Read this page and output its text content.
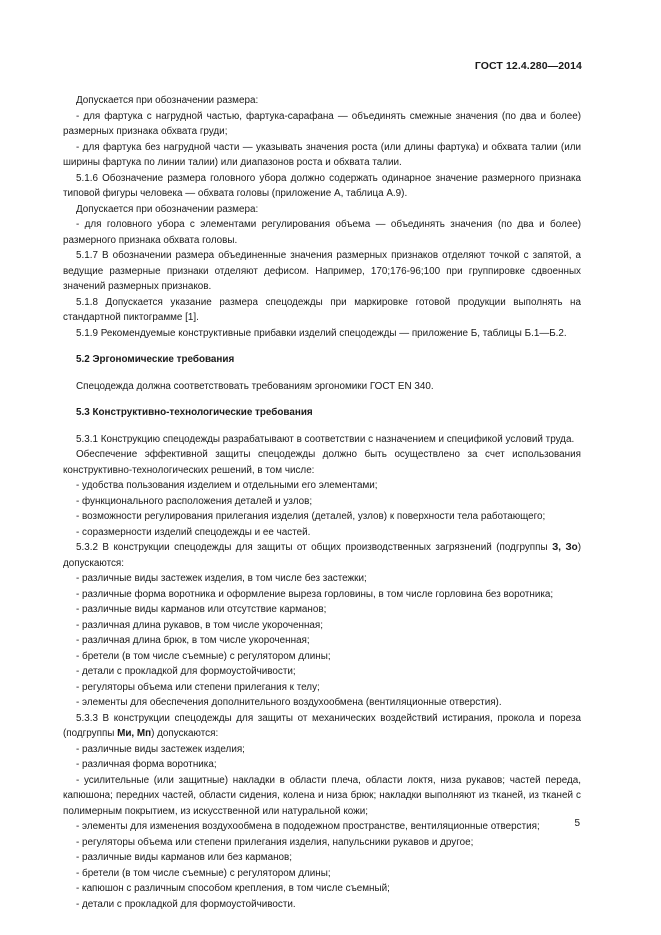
ГОСТ 12.4.280—2014

Допускается при обозначении размера:

- для фартука с нагрудной частью, фартука-сарафана — объединять смежные значения (по два и более) размерных признака обхвата груди;

- для фартука без нагрудной части — указывать значения роста (или длины фартука) и обхвата талии (или ширины фартука по линии талии) или диапазонов роста и обхвата талии.

5.1.6 Обозначение размера головного убора должно содержать одинарное значение размерного признака типовой фигуры человека — обхвата головы (приложение А, таблица А.9).

Допускается при обозначении размера:

- для головного убора с элементами регулирования объема — объединять значения (по два и более) размерного признака обхвата головы.

5.1.7 В обозначении размера объединенные значения размерных признаков отделяют точкой с запятой, а ведущие размерные признаки отделяют дефисом. Например, 170;176-96;100 при группировке сдвоенных значений размерных признаков.

5.1.8 Допускается указание размера спецодежды при маркировке готовой продукции выполнять на стандартной пиктограмме [1].

5.1.9 Рекомендуемые конструктивные прибавки изделий спецодежды — приложение Б, таблицы Б.1—Б.2.

5.2 Эргономические требования

Спецодежда должна соответствовать требованиям эргономики ГОСТ EN 340.

5.3 Конструктивно-технологические требования

5.3.1 Конструкцию спецодежды разрабатывают в соответствии с назначением и спецификой условий труда.

Обеспечение эффективной защиты спецодежды должно быть осуществлено за счет использования конструктивно-технологических решений, в том числе:

- удобства пользования изделием и отдельными его элементами;

- функционального расположения деталей и узлов;

- возможности регулирования прилегания изделия (деталей, узлов) к поверхности тела работающего;

- соразмерности изделий спецодежды и ее частей.

5.3.2 В конструкции спецодежды для защиты от общих производственных загрязнений (подгруппы З, Зо) допускаются:

- различные виды застежек изделия, в том числе без застежки;

- различные форма воротника и оформление выреза горловины, в том числе горловина без воротника;

- различные виды карманов или отсутствие карманов;

- различная длина рукавов, в том числе укороченная;

- различная длина брюк, в том числе укороченная;

- бретели (в том числе съемные) с регулятором длины;

- детали с прокладкой для формоустойчивости;

- регуляторы объема или степени прилегания к телу;

- элементы для обеспечения дополнительного воздухообмена (вентиляционные отверстия).

5.3.3 В конструкции спецодежды для защиты от механических воздействий истирания, прокола и пореза (подгруппы Ми, Мп) допускаются:

- различные виды застежек изделия;

- различная форма воротника;

- усилительные (или защитные) накладки в области плеча, области локтя, низа рукавов; частей переда, капюшона; передних частей, области сидения, колена и низа брюк; накладки выполняют из тканей, из тканей с полимерным покрытием, из искусственной или натуральной кожи;

- элементы для изменения воздухообмена в пододежном пространстве, вентиляционные отверстия;

- регуляторы объема или степени прилегания изделия, напульсники рукавов и другое;

- различные виды карманов или без карманов;

- бретели (в том числе съемные) с регулятором длины;

- капюшон с различным способом крепления, в том числе съемный;

- детали с прокладкой для формоустойчивости.

5
